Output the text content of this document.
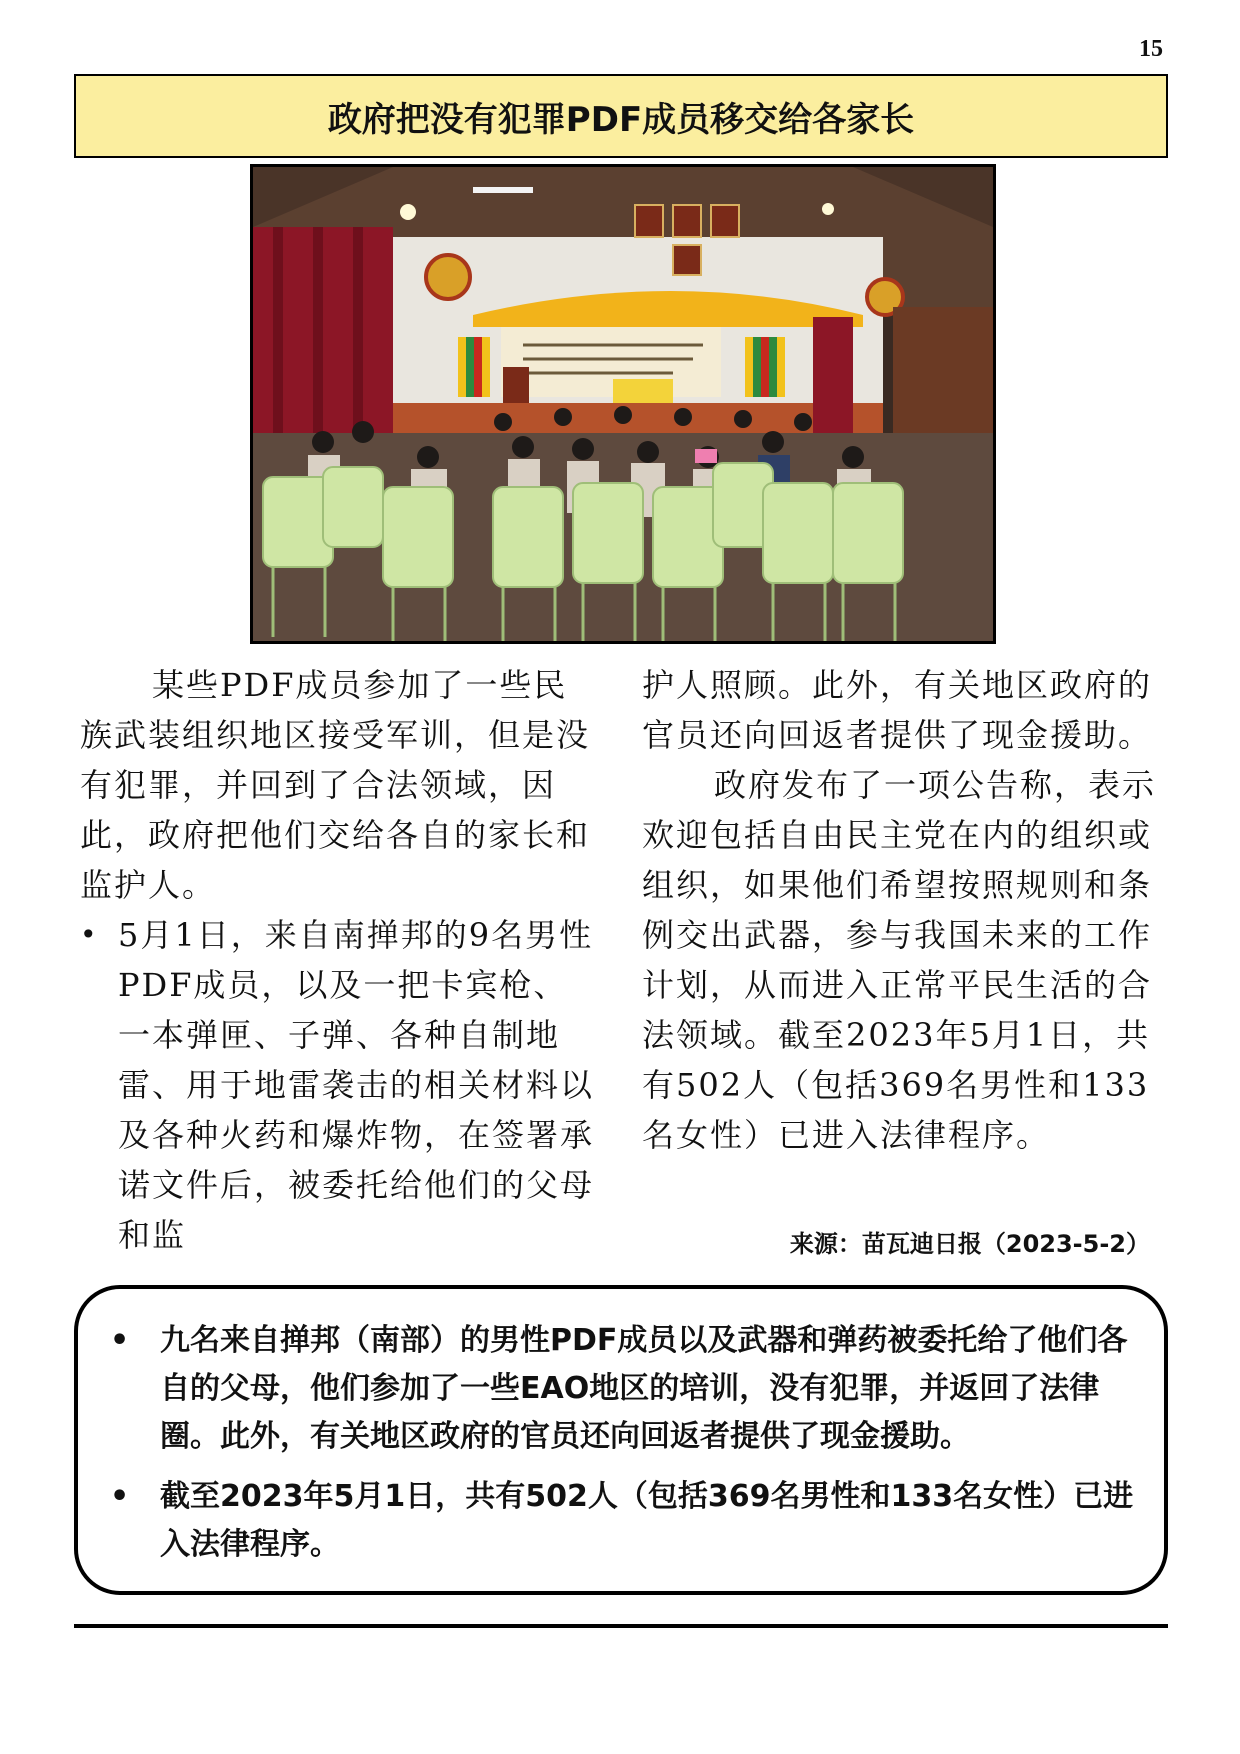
15
政府把没有犯罪PDF成员移交给各家长

某些PDF成员参加了一些民族武装组织地区接受军训，但是没有犯罪，并回到了合法领域，因此，政府把他们交给各自的家长和监护人。

• 5月1日，来自南掸邦的9名男性PDF成员，以及一把卡宾枪、一本弹匣、子弹、各种自制地雷、用于地雷袭击的相关材料以及各种火药和爆炸物，在签署承诺文件后，被委托给他们的父母和监

护人照顾。此外，有关地区政府的官员还向回返者提供了现金援助。

政府发布了一项公告称，表示欢迎包括自由民主党在内的组织或组织，如果他们希望按照规则和条例交出武器，参与我国未来的工作计划，从而进入正常平民生活的合法领域。截至2023年5月1日，共有502人（包括369名男性和133名女性）已进入法律程序。

来源：苗瓦迪日报（2023-5-2）

• 九名来自掸邦（南部）的男性PDF成员以及武器和弹药被委托给了他们各自的父母，他们参加了一些EAO地区的培训，没有犯罪，并返回了法律圈。此外，有关地区政府的官员还向回返者提供了现金援助。

• 截至2023年5月1日，共有502人（包括369名男性和133名女性）已进入法律程序。
